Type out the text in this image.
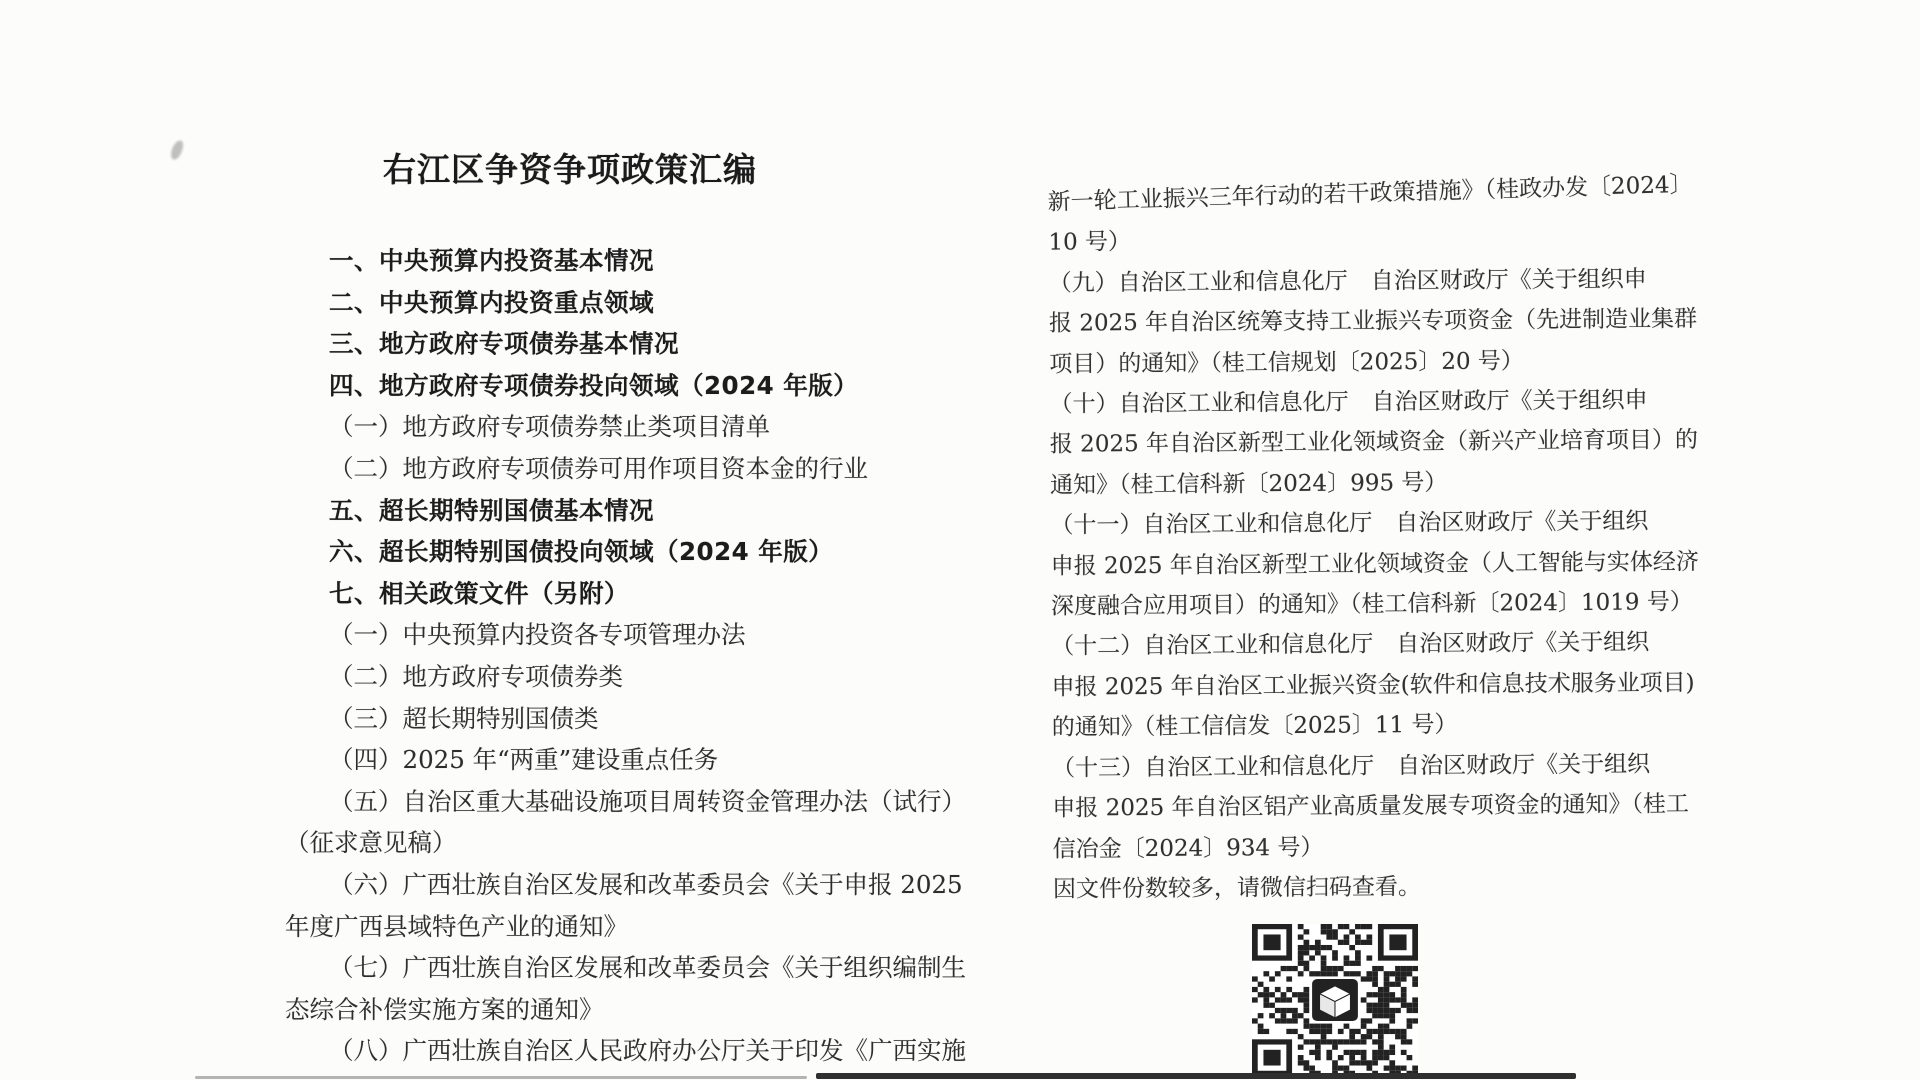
右江区争资争项政策汇编
一、中央预算内投资基本情况
二、中央预算内投资重点领域
三、地方政府专项债券基本情况
四、地方政府专项债券投向领域（2024 年版）
（一）地方政府专项债券禁止类项目清单
（二）地方政府专项债券可用作项目资本金的行业
五、超长期特别国债基本情况
六、超长期特别国债投向领域（2024 年版）
七、相关政策文件（另附）
（一）中央预算内投资各专项管理办法
（二）地方政府专项债券类
（三）超长期特别国债类
（四）2025 年“两重”建设重点任务
（五）自治区重大基础设施项目周转资金管理办法（试行）
（征求意见稿）
（六）广西壮族自治区发展和改革委员会《关于申报 2025
年度广西县域特色产业的通知》
（七）广西壮族自治区发展和改革委员会《关于组织编制生
态综合补偿实施方案的通知》
（八）广西壮族自治区人民政府办公厅关于印发《广西实施
新一轮工业振兴三年行动的若干政策措施》（桂政办发〔2024〕
10 号）
（九）自治区工业和信息化厅　自治区财政厅《关于组织申
报 2025 年自治区统筹支持工业振兴专项资金（先进制造业集群
项目）的通知》（桂工信规划〔2025〕20 号）
（十）自治区工业和信息化厅　自治区财政厅《关于组织申
报 2025 年自治区新型工业化领域资金（新兴产业培育项目）的
通知》（桂工信科新〔2024〕995 号）
（十一）自治区工业和信息化厅　自治区财政厅《关于组织
申报 2025 年自治区新型工业化领域资金（人工智能与实体经济
深度融合应用项目）的通知》（桂工信科新〔2024〕1019 号）
（十二）自治区工业和信息化厅　自治区财政厅《关于组织
申报 2025 年自治区工业振兴资金(软件和信息技术服务业项目)
的通知》（桂工信信发〔2025〕11 号）
（十三）自治区工业和信息化厅　自治区财政厅《关于组织
申报 2025 年自治区铝产业高质量发展专项资金的通知》（桂工
信冶金〔2024〕934 号）
因文件份数较多，请微信扫码查看。
